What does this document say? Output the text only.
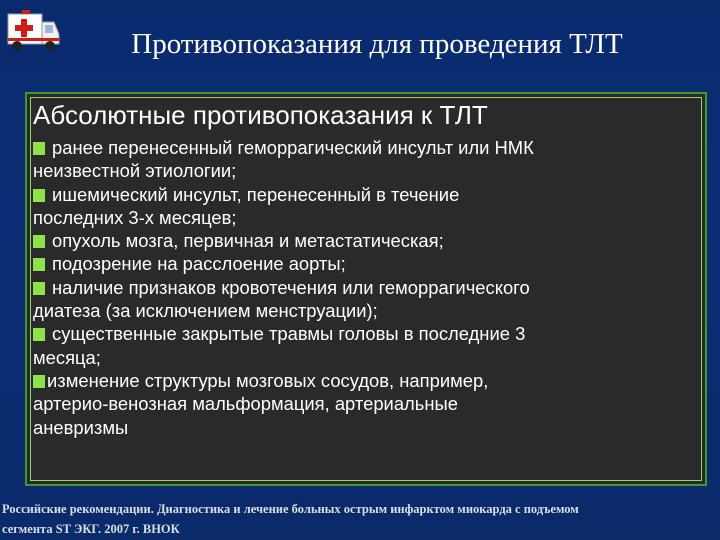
Противопоказания для проведения ТЛТ
Абсолютные противопоказания к ТЛТ

ранее перенесенный геморрагический инсульт или НМК
неизвестной этиологии;

ишемический инсульт, перенесенный в течение
последних 3-х месяцев;

опухоль мозга, первичная и метастатическая;

подозрение на расслоение аорты;

наличие признаков кровотечения или геморрагического
диатеза (за исключением менструации);

существенные закрытые травмы головы в последние 3
месяца;

изменение структуры мозговых сосудов, например,
артерио-венозная мальформация, артериальные
аневризмы

Российские рекомендации. Диагностика и лечение больных острым инфарктом миокарда с подъемом
сегмента ST ЭКГ. 2007 г. ВНОК
